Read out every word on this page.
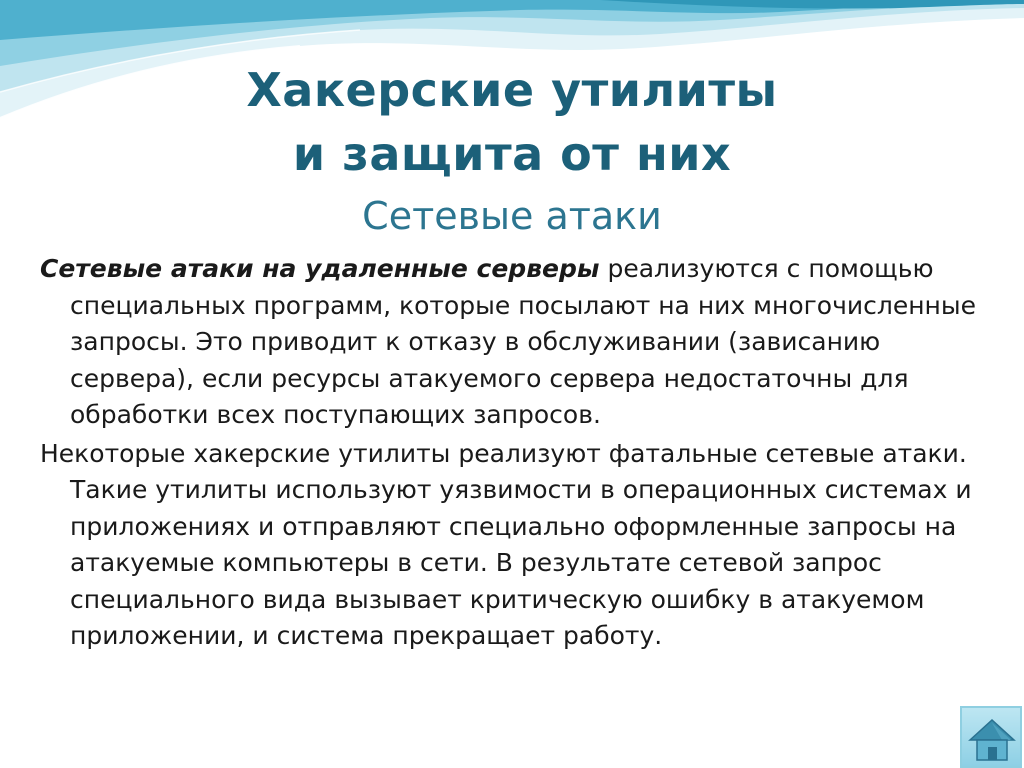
Хакерские утилиты
и защита от них
Сетевые атаки

Сетевые атаки на удаленные серверы реализуются с помощью специальных программ, которые посылают на них многочисленные запросы. Это приводит к отказу в обслуживании (зависанию сервера), если ресурсы атакуемого сервера недостаточны для обработки всех поступающих запросов.

Некоторые хакерские утилиты реализуют фатальные сетевые атаки. Такие утилиты используют уязвимости в операционных системах и приложениях и отправляют специально оформленные запросы на атакуемые компьютеры в сети. В результате сетевой запрос специального вида вызывает критическую ошибку в атакуемом приложении, и система прекращает работу.
